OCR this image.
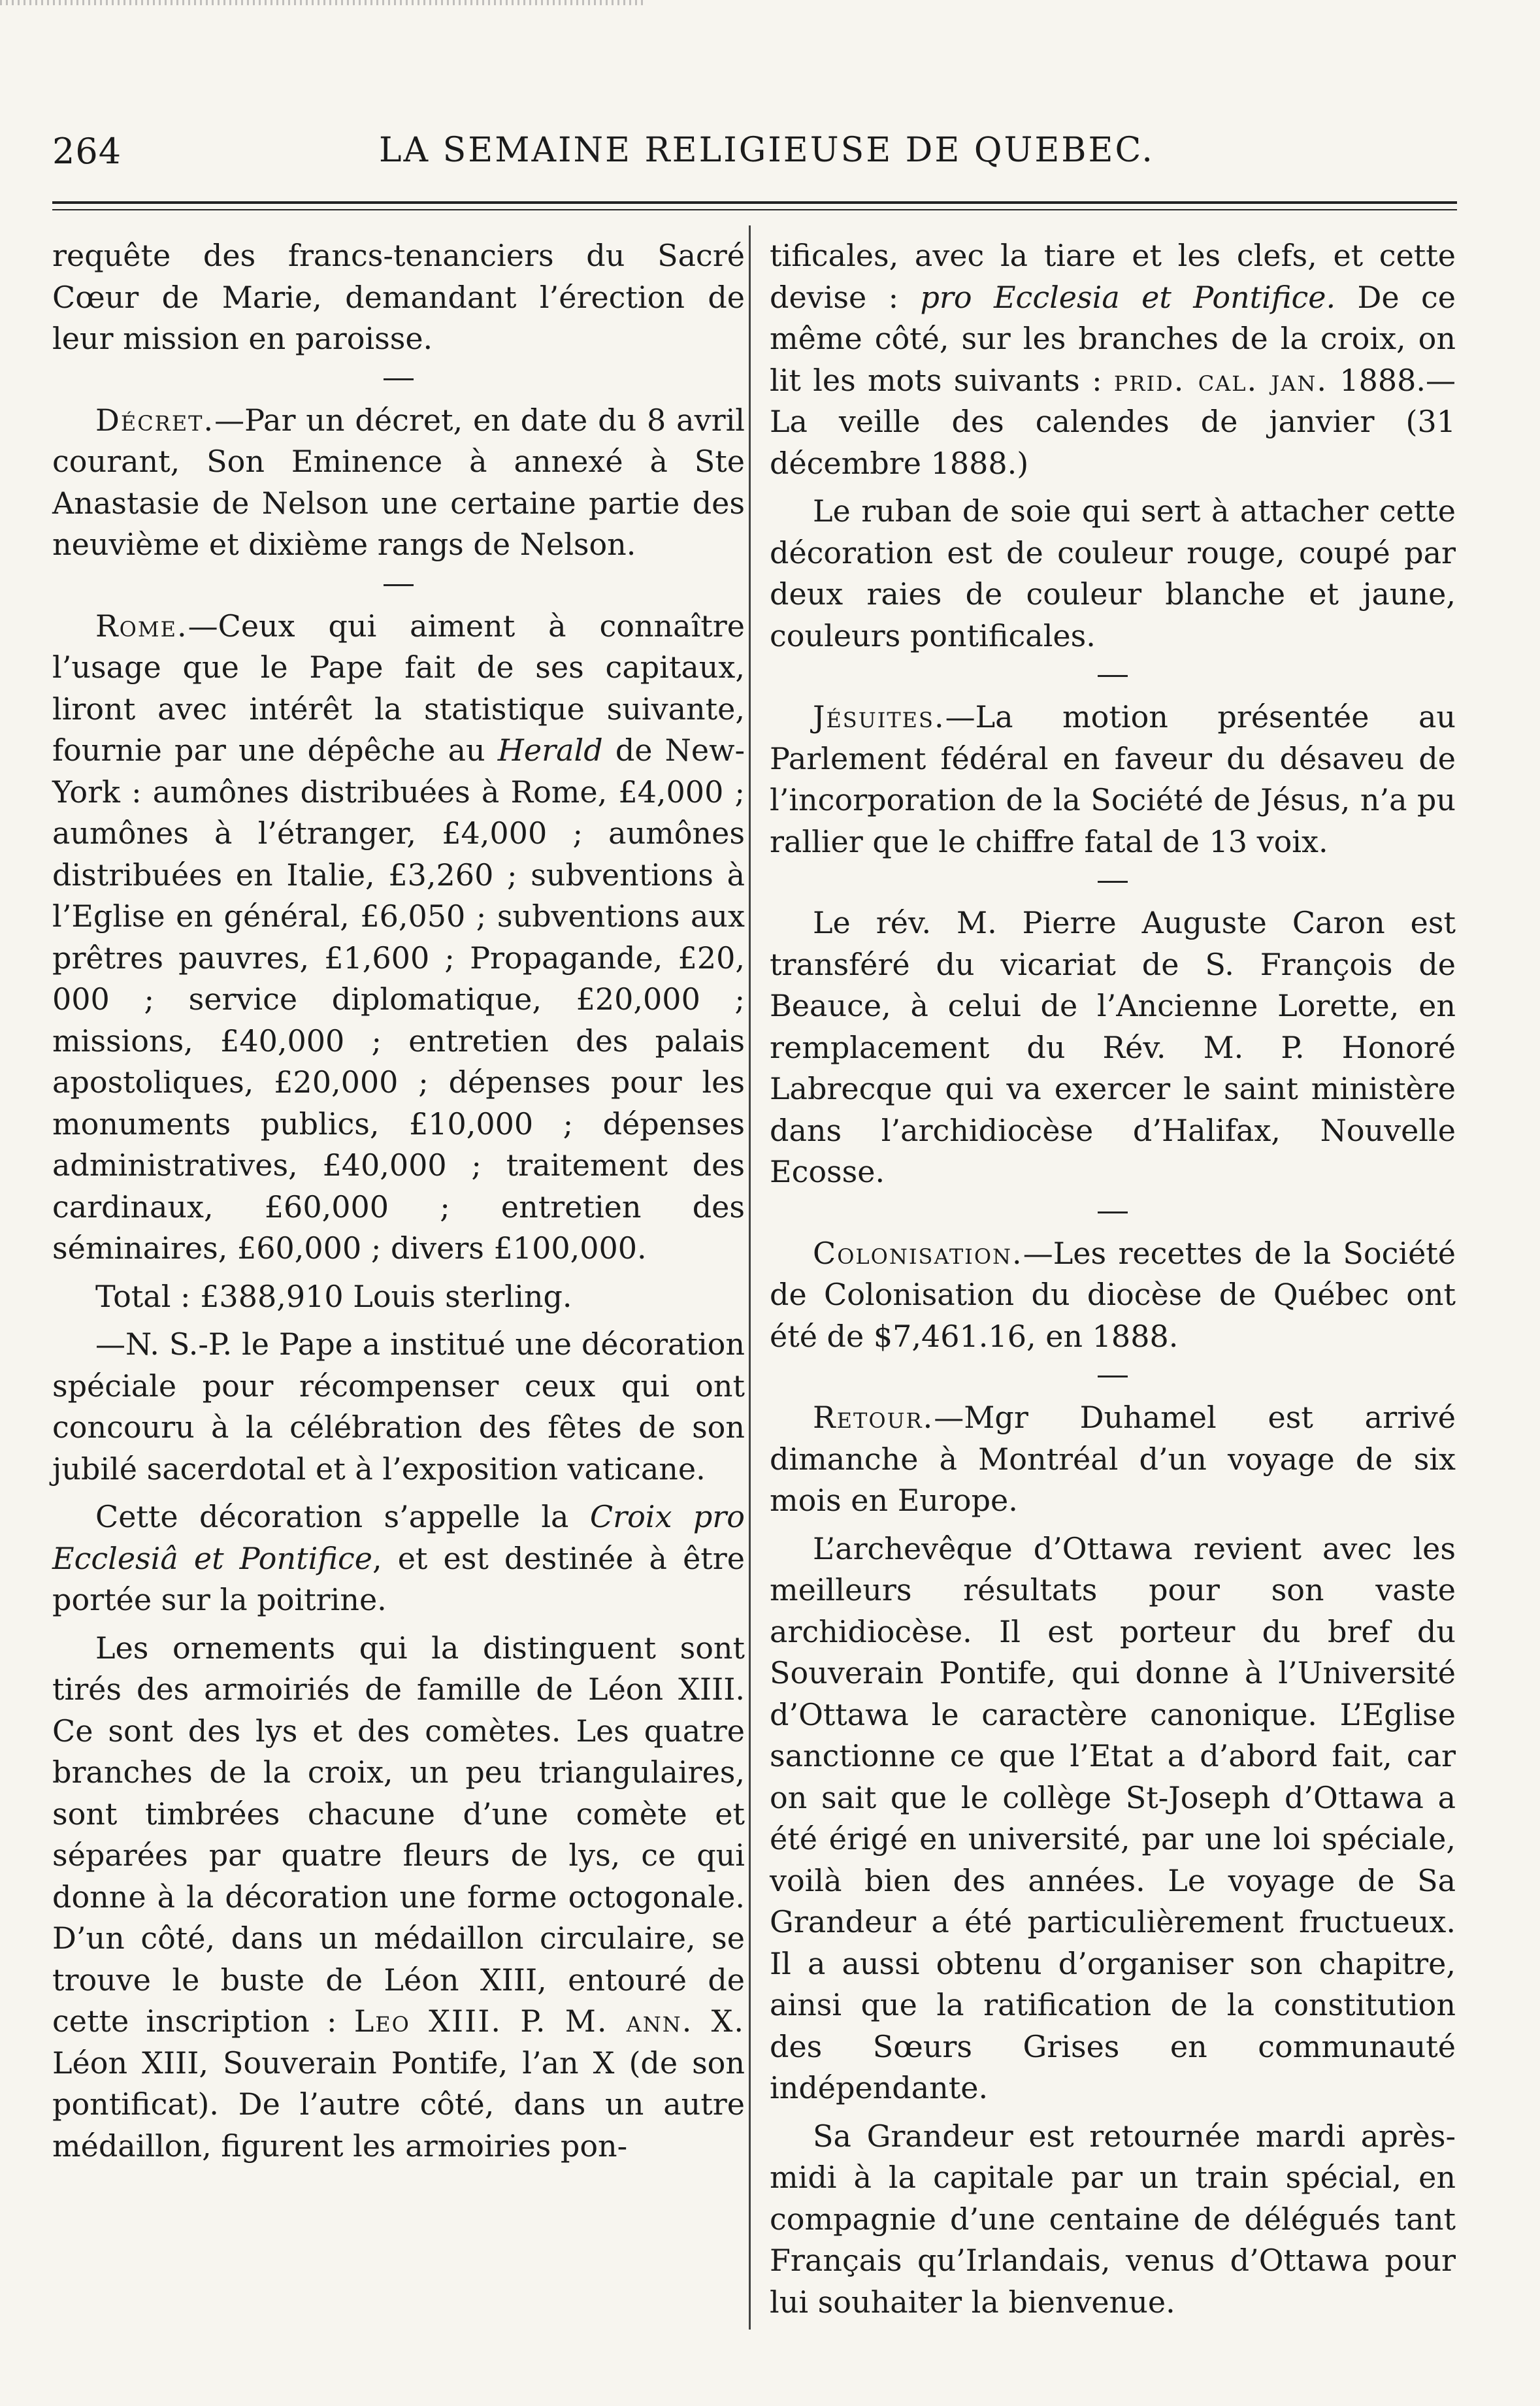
264	LA SEMAINE RELIGIEUSE DE QUEBEC.

requête des francs-tenanciers du Sacré Cœur de Marie, demandant l’érection de leur mission en paroisse.

Décret.—Par un décret, en date du 8 avril courant, Son Eminence à annexé à Ste Anastasie de Nelson une certaine partie des neuvième et dixième rangs de Nelson.

Rome.—Ceux qui aiment à connaître l’usage que le Pape fait de ses capitaux, liront avec intérêt la statistique suivante, fournie par une dépêche au Herald de New-York : aumônes distribuées à Rome, £4,000 ; aumônes à l’étranger, £4,000 ; aumônes distribuées en Italie, £3,260 ; subventions à l’Eglise en général, £6,050 ; subventions aux prêtres pauvres, £1,600 ; Propagande, £20, 000 ; service diplomatique, £20,000 ; missions, £40,000 ; entretien des palais apostoliques, £20,000 ; dépenses pour les monuments publics, £10,000 ; dépenses administratives, £40,000 ; traitement des cardinaux, £60,000 ; entretien des séminaires, £60,000 ; divers £100,000.

Total : £388,910 Louis sterling.

—N. S.-P. le Pape a institué une décoration spéciale pour récompenser ceux qui ont concouru à la célébration des fêtes de son jubilé sacerdotal et à l’exposition vaticane.

Cette décoration s’appelle la Croix pro Ecclesiâ et Pontifice, et est destinée à être portée sur la poitrine.

Les ornements qui la distinguent sont tirés des armoiriés de famille de Léon XIII. Ce sont des lys et des comètes. Les quatre branches de la croix, un peu triangulaires, sont timbrées chacune d’une comète et séparées par quatre fleurs de lys, ce qui donne à la décoration une forme octogonale. D’un côté, dans un médaillon circulaire, se trouve le buste de Léon XIII, entouré de cette inscription : Leo XIII. P. M. ann. X. Léon XIII, Souverain Pontife, l’an X (de son pontificat). De l’autre côté, dans un autre médaillon, figurent les armoiries pon-

tificales, avec la tiare et les clefs, et cette devise : pro Ecclesia et Pontifice. De ce même côté, sur les branches de la croix, on lit les mots suivants : prid. cal. jan. 1888.— La veille des calendes de janvier (31 décembre 1888.)

Le ruban de soie qui sert à attacher cette décoration est de couleur rouge, coupé par deux raies de couleur blanche et jaune, couleurs pontificales.

Jésuites.—La motion présentée au Parlement fédéral en faveur du désaveu de l’incorporation de la Société de Jésus, n’a pu rallier que le chiffre fatal de 13 voix.

Le rév. M. Pierre Auguste Caron est transféré du vicariat de S. François de Beauce, à celui de l’Ancienne Lorette, en remplacement du Rév. M. P. Honoré Labrecque qui va exercer le saint ministère dans l’archidiocèse d’Halifax, Nouvelle Ecosse.

Colonisation.—Les recettes de la Société de Colonisation du diocèse de Québec ont été de $7,461.16, en 1888.

Retour.—Mgr Duhamel est arrivé dimanche à Montréal d’un voyage de six mois en Europe.

L’archevêque d’Ottawa revient avec les meilleurs résultats pour son vaste archidiocèse. Il est porteur du bref du Souverain Pontife, qui donne à l’Université d’Ottawa le caractère canonique. L’Eglise sanctionne ce que l’Etat a d’abord fait, car on sait que le collège St-Joseph d’Ottawa a été érigé en université, par une loi spéciale, voilà bien des années. Le voyage de Sa Grandeur a été particulièrement fructueux. Il a aussi obtenu d’organiser son chapitre, ainsi que la ratification de la constitution des Sœurs Grises en communauté indépendante.

Sa Grandeur est retournée mardi après-midi à la capitale par un train spécial, en compagnie d’une centaine de délégués tant Français qu’Irlandais, venus d’Ottawa pour lui souhaiter la bienvenue.
